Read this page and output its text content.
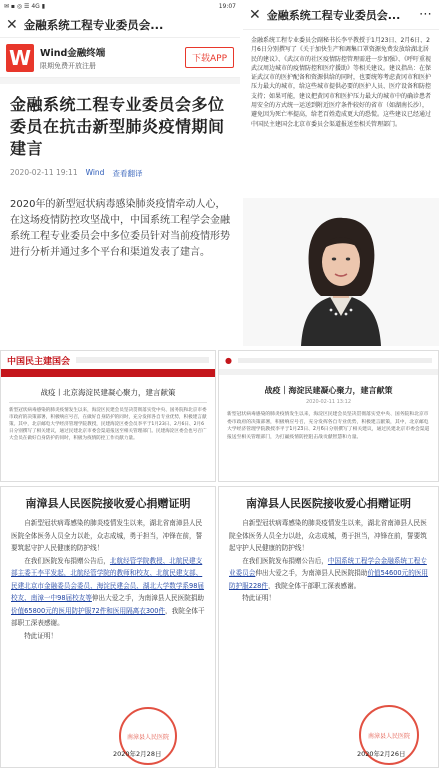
✉ ▪ ◎ ☰ 4G ▮	19:07
✕ 金融系统工程专业委员会...
W Wind金融终端
限期免费开放注册
下载APP
金融系统工程专业委员会多位委员在抗击新型肺炎疫情期间建言
2020-02-11 19:11 Wind 查看翻译
2020年的新型冠状病毒感染肺炎疫情牵动人心，在这场疫情防控攻坚战中，中国系统工程学会金融系统工程专业委员会中多位委员针对当前疫情形势进行分析并通过多个平台和渠道发表了建言。
✕ 金融系统工程专业委员会...	⋯
金融系统工程专业委员会副秘书长李平教授于1月23日、2月6日、2月6日分别撰写了《关于加快生产和调集口罩资源免费发放给湖北居民的建议》、《武汉市的社区疫情防控管理需进一步加强》、《呼吁重视武汉周边城市的疫情防控和医疗援助》等相关建议。建议指出：在保证武汉市的医护配备和资源供给的同时，也要统筹考虑黄冈市和医护压力最大的城市，给这些城市提供必要的医护人员、医疗设备和防控支持；如果可能，建议把黄冈市和医护压力最大的城市中的确诊患者用安全的方式统一运送到附近医疗条件较好的省市（如湖南长沙），避免因为死亡率提高，给老百姓造成更大的恐慌。这些建议已经通过中国民主建国会北京市委员会渠道报送至相关管理部门。
中国民主建国会
战疫丨北京海淀民建凝心聚力，建言献策
新型冠状病毒感染的肺炎疫情发生以来，海淀区民建会员坚决贯彻落实党中央、国务院和北京市委市政府的决策部署，积极响应号召，在做好自身防护的同时，充分发挥各自专业优势，积极建言献策。其中，北京邮电大学经济管理学院教授，民建海淀区委会员李平于1月23日、2月6日、2月6日分别撰写了相关建议，通过民建北京市委会渠道报送至相关管理部门。民建海淀区委会也号召广大会员在做好自身防护的同时，积极为疫情防控工作贡献力量。
●
战疫｜海淀民建凝心聚力，建言献策
2020-02-11 13:12
新型冠状病毒感染的肺炎疫情发生以来，海淀区民建会员坚决贯彻落实党中央、国务院和北京市委市政府的决策部署，积极响应号召，充分发挥各自专业优势，积极建言献策，其中，北京邮电大学经济管理学院教授李平于1月23日、2月6日分别撰写了相关建议，通过民建北京市委会渠道报送至相关管理部门，为打赢疫情防控阻击战贡献智慧和力量。
南漳县人民医院接收爱心捐赠证明

自新型冠状病毒感染的肺炎疫情发生以来，湖北省南漳县人民医院全体医务人员全力以赴，众志成城，勇于担当，冲锋在前，誓要筑起守护人民健康的防护线！

在我们医院发布捐赠公告后，北航经管学院教授、北航民建支部主委王李平发起，北航经管学院的教师和校友、北航民建支部、民建北京市金融委员会委员、海淀民建会员、湖北大学数学系98届校友、南漳一中98届校友等伸出大爱之手，为南漳县人民医院捐助价值65800元的医用防护服72件和医用隔离衣300件，我院全体干部职工深表感谢。

特此证明！

南漳县人民医院
2020年2月28日
南漳县人民医院接收爱心捐赠证明

自新型冠状病毒感染的肺炎疫情发生以来，湖北省南漳县人民医院全体医务人员全力以赴，众志成城，勇于担当，冲锋在前，誓要筑起守护人民健康的防护线！

在我们医院发布捐赠公告后，中国系统工程学会金融系统工程专业委员会伸出大爱之手，为南漳县人民医院捐助价值54600元的医用防护服228件，我院全体干部职工深表感谢。

特此证明！

南漳县人民医院
2020年2月26日
